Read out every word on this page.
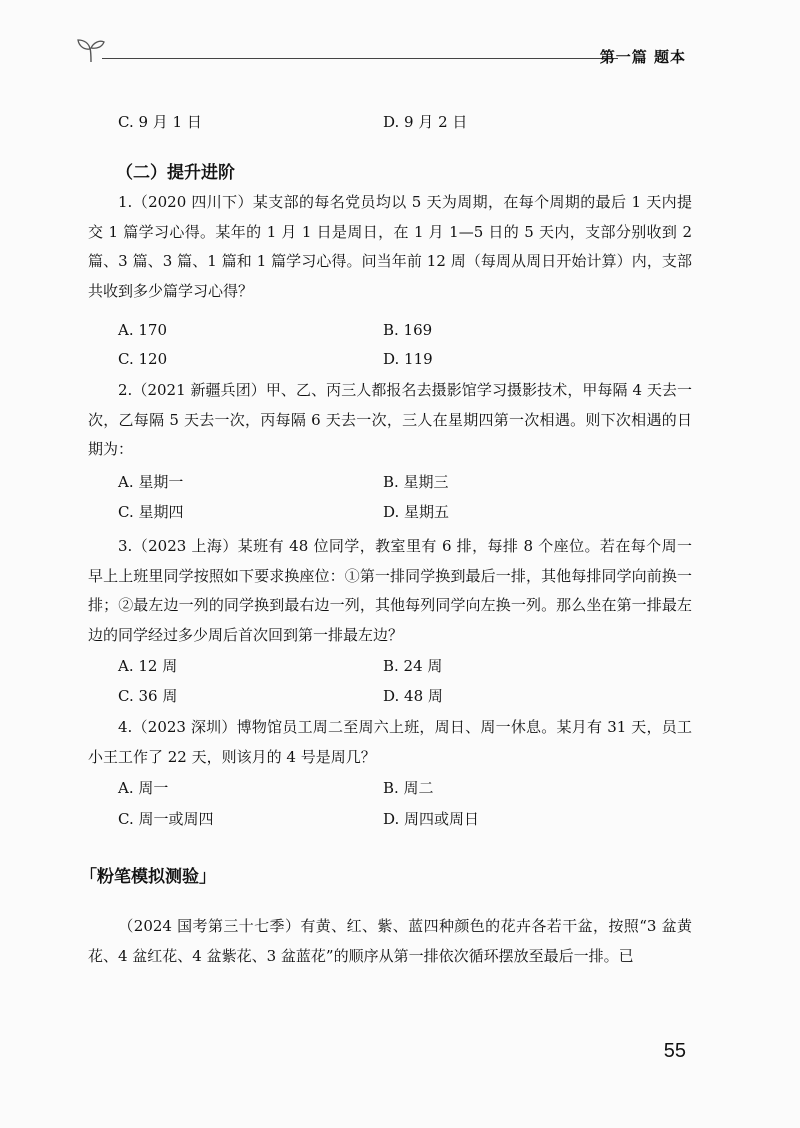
第一篇 题本
C. 9 月 1 日	D. 9 月 2 日
（二）提升进阶
1.（2020 四川下）某支部的每名党员均以 5 天为周期，在每个周期的最后 1 天内提交 1 篇学习心得。某年的 1 月 1 日是周日，在 1 月 1—5 日的 5 天内，支部分别收到 2 篇、3 篇、3 篇、1 篇和 1 篇学习心得。问当年前 12 周（每周从周日开始计算）内，支部共收到多少篇学习心得？
A. 170	B. 169
C. 120	D. 119
2.（2021 新疆兵团）甲、乙、丙三人都报名去摄影馆学习摄影技术，甲每隔 4 天去一次，乙每隔 5 天去一次，丙每隔 6 天去一次，三人在星期四第一次相遇。则下次相遇的日期为：
A. 星期一	B. 星期三
C. 星期四	D. 星期五
3.（2023 上海）某班有 48 位同学，教室里有 6 排，每排 8 个座位。若在每个周一早上上班里同学按照如下要求换座位：①第一排同学换到最后一排，其他每排同学向前换一排；②最左边一列的同学换到最右边一列，其他每列同学向左换一列。那么坐在第一排最左边的同学经过多少周后首次回到第一排最左边？
A. 12 周	B. 24 周
C. 36 周	D. 48 周
4.（2023 深圳）博物馆员工周二至周六上班，周日、周一休息。某月有 31 天，员工小王工作了 22 天，则该月的 4 号是周几？
A. 周一	B. 周二
C. 周一或周四	D. 周四或周日
「粉笔模拟测验」
（2024 国考第三十七季）有黄、红、紫、蓝四种颜色的花卉各若干盆，按照“3 盆黄花、4 盆红花、4 盆紫花、3 盆蓝花”的顺序从第一排依次循环摆放至最后一排。已
55
